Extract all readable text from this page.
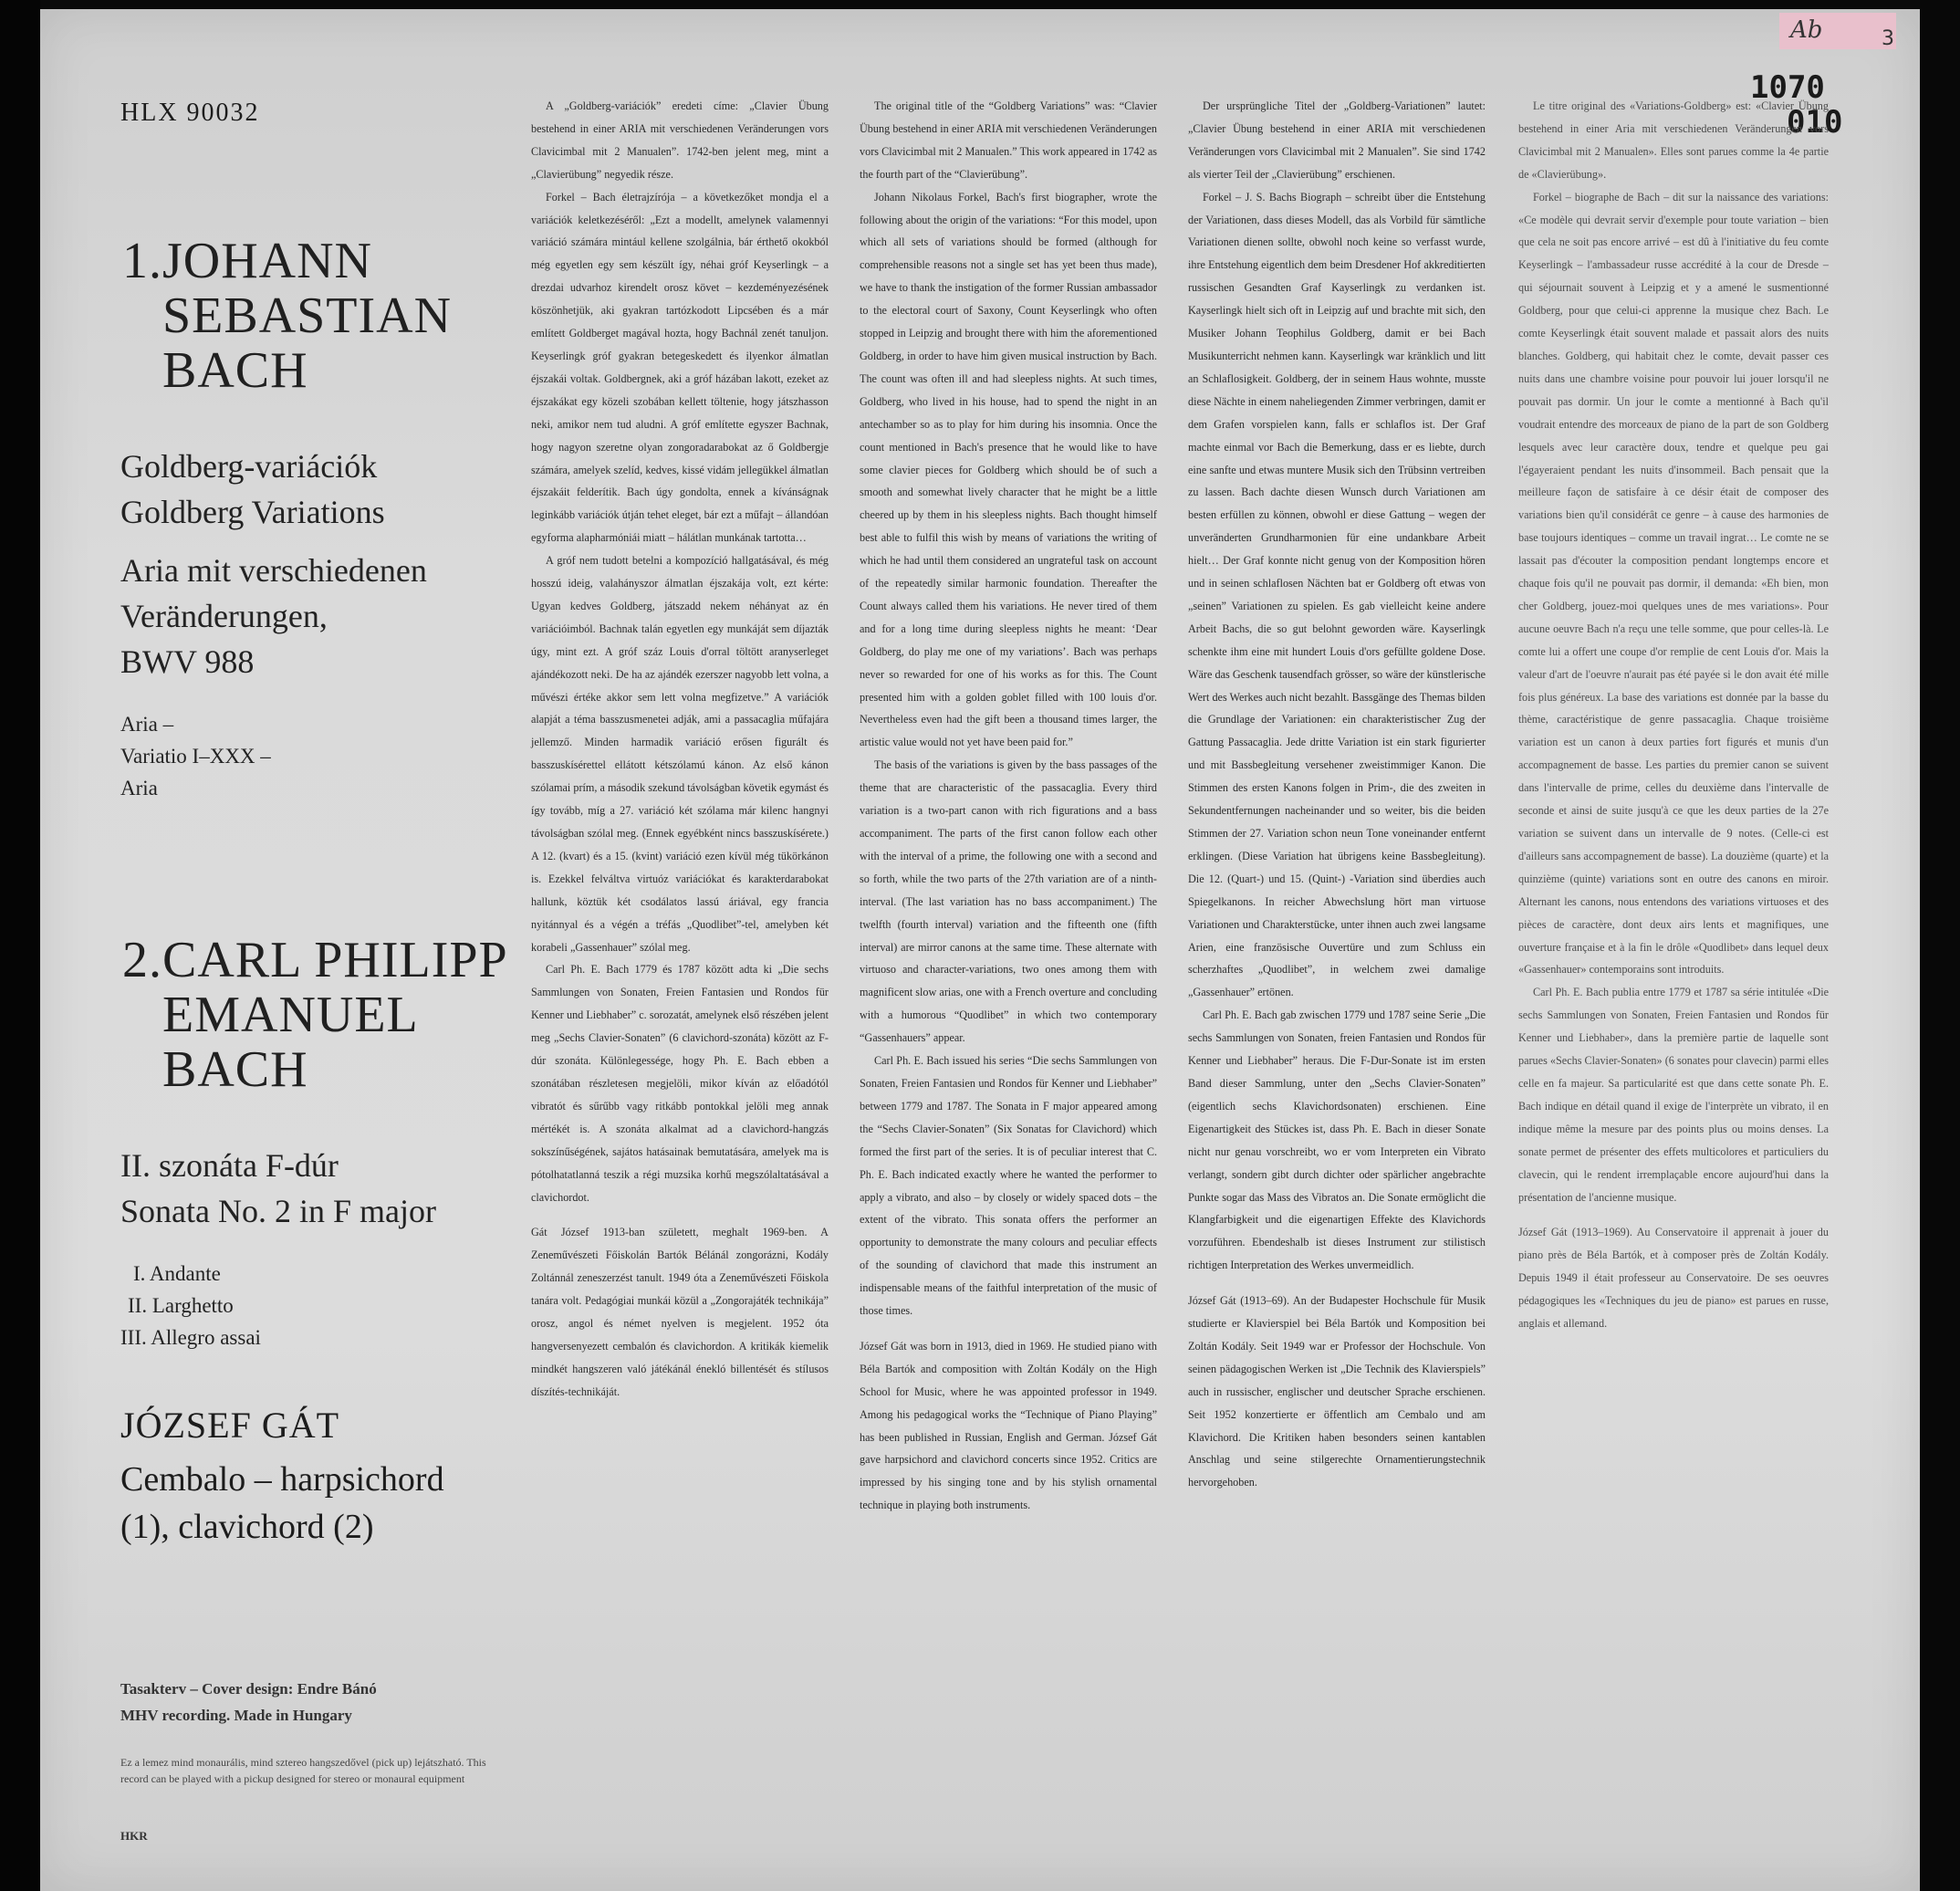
Ab	3
1070
010
HLX 90032
1. JOHANN
SEBASTIAN
BACH
Goldberg-variációk
Goldberg Variations
Aria mit verschiedenen
Veränderungen,
BWV 988
Aria –
Variatio I–XXX –
Aria
2. CARL PHILIPP
EMANUEL
BACH
II. szonáta F-dúr
Sonata No. 2 in F major
I. Andante
II. Larghetto
III. Allegro assai
JÓZSEF GÁT
Cembalo – harpsichord
(1), clavichord (2)
Tasakterv – Cover design: Endre Bánó
MHV recording. Made in Hungary
Ez a lemez mind monaurális, mind sztereo hangszedővel (pick up) lejátszható. This record can be played with a pickup designed for stereo or monaural equipment
HKR

A „Goldberg-variációk” eredeti címe: „Clavier Übung bestehend in einer ARIA mit verschiedenen Veränderungen vors Clavicimbal mit 2 Manualen”. 1742-ben jelent meg, mint a „Clavierübung” negyedik része.

Forkel – Bach életrajzírója – a következőket mondja el a variációk keletkezéséről: „Ezt a modellt, amelynek valamennyi variáció számára mintául kellene szolgálnia, bár érthető okokból még egyetlen egy sem készült így, néhai gróf Keyserlingk – a drezdai udvarhoz kirendelt orosz követ – kezdeményezésének köszönhetjük, aki gyakran tartózkodott Lipcsében és a már említett Goldberget magával hozta, hogy Bachnál zenét tanuljon. Keyserlingk gróf gyakran betegeskedett és ilyenkor álmatlan éjszakái voltak. Goldbergnek, aki a gróf házában lakott, ezeket az éjszakákat egy közeli szobában kellett töltenie, hogy játszhasson neki, amikor nem tud aludni. A gróf említette egyszer Bachnak, hogy nagyon szeretne olyan zongoradarabokat az ő Goldbergje számára, amelyek szelíd, kedves, kissé vidám jellegükkel álmatlan éjszakáit felderítik. Bach úgy gondolta, ennek a kívánságnak leginkább variációk útján tehet eleget, bár ezt a műfajt – állandóan egyforma alapharmóniái miatt – hálátlan munkának tartotta…

A gróf nem tudott betelni a kompozíció hallgatásával, és még hosszú ideig, valahányszor álmatlan éjszakája volt, ezt kérte: Ugyan kedves Goldberg, játszadd nekem néhányat az én variációimból. Bachnak talán egyetlen egy munkáját sem díjazták úgy, mint ezt. A gróf száz Louis d'orral töltött aranyserleget ajándékozott neki. De ha az ajándék ezerszer nagyobb lett volna, a művészi értéke akkor sem lett volna megfizetve.” A variációk alapját a téma basszusmenetei adják, ami a passacaglia műfajára jellemző. Minden harmadik variáció erősen figurált és basszuskísérettel ellátott kétszólamú kánon. Az első kánon szólamai prím, a második szekund távolságban követik egymást és így tovább, míg a 27. variáció két szólama már kilenc hangnyi távolságban szólal meg. (Ennek egyébként nincs basszuskísérete.) A 12. (kvart) és a 15. (kvint) variáció ezen kívül még tükörkánon is. Ezekkel felváltva virtuóz variációkat és karakterdarabokat hallunk, köztük két csodálatos lassú áriával, egy francia nyitánnyal és a végén a tréfás „Quodlibet”-tel, amelyben két korabeli „Gassenhauer” szólal meg.

Carl Ph. E. Bach 1779 és 1787 között adta ki „Die sechs Sammlungen von Sonaten, Freien Fantasien und Rondos für Kenner und Liebhaber” c. sorozatát, amelynek első részében jelent meg „Sechs Clavier-Sonaten” (6 clavichord-szonáta) között az F-dúr szonáta. Különlegessége, hogy Ph. E. Bach ebben a szonátában részletesen megjelöli, mikor kíván az előadótól vibratót és sűrűbb vagy ritkább pontokkal jelöli meg annak mértékét is. A szonáta alkalmat ad a clavichord-hangzás sokszínűségének, sajátos hatásainak bemutatására, amelyek ma is pótolhatatlanná teszik a régi muzsika korhű megszólaltatásával a clavichordot.

Gát József 1913-ban született, meghalt 1969-ben. A Zeneművészeti Főiskolán Bartók Bélánál zongorázni, Kodály Zoltánnál zeneszerzést tanult. 1949 óta a Zeneművészeti Főiskola tanára volt. Pedagógiai munkái közül a „Zongorajáték technikája” orosz, angol és német nyelven is megjelent. 1952 óta hangversenyezett cembalón és clavichordon. A kritikák kiemelik mindkét hangszeren való játékánál énekló billentését és stílusos díszítés-technikáját.

The original title of the “Goldberg Variations” was: “Clavier Übung bestehend in einer ARIA mit verschiedenen Veränderungen vors Clavicimbal mit 2 Manualen.” This work appeared in 1742 as the fourth part of the “Clavierübung”.

Johann Nikolaus Forkel, Bach's first biographer, wrote the following about the origin of the variations: “For this model, upon which all sets of variations should be formed (although for comprehensible reasons not a single set has yet been thus made), we have to thank the instigation of the former Russian ambassador to the electoral court of Saxony, Count Keyserlingk who often stopped in Leipzig and brought there with him the aforementioned Goldberg, in order to have him given musical instruction by Bach. The count was often ill and had sleepless nights. At such times, Goldberg, who lived in his house, had to spend the night in an antechamber so as to play for him during his insomnia. Once the count mentioned in Bach's presence that he would like to have some clavier pieces for Goldberg which should be of such a smooth and somewhat lively character that he might be a little cheered up by them in his sleepless nights. Bach thought himself best able to fulfil this wish by means of variations the writing of which he had until them considered an ungrateful task on account of the repeatedly similar harmonic foundation. Thereafter the Count always called them his variations. He never tired of them and for a long time during sleepless nights he meant: ‘Dear Goldberg, do play me one of my variations’. Bach was perhaps never so rewarded for one of his works as for this. The Count presented him with a golden goblet filled with 100 louis d'or. Nevertheless even had the gift been a thousand times larger, the artistic value would not yet have been paid for.”

The basis of the variations is given by the bass passages of the theme that are characteristic of the passacaglia. Every third variation is a two-part canon with rich figurations and a bass accompaniment. The parts of the first canon follow each other with the interval of a prime, the following one with a second and so forth, while the two parts of the 27th variation are of a ninth-interval. (The last variation has no bass accompaniment.) The twelfth (fourth interval) variation and the fifteenth one (fifth interval) are mirror canons at the same time. These alternate with virtuoso and character-variations, two ones among them with magnificent slow arias, one with a French overture and concluding with a humorous “Quodlibet” in which two contemporary “Gassenhauers” appear.

Carl Ph. E. Bach issued his series “Die sechs Sammlungen von Sonaten, Freien Fantasien und Rondos für Kenner und Liebhaber” between 1779 and 1787. The Sonata in F major appeared among the “Sechs Clavier-Sonaten” (Six Sonatas for Clavichord) which formed the first part of the series. It is of peculiar interest that C. Ph. E. Bach indicated exactly where he wanted the performer to apply a vibrato, and also – by closely or widely spaced dots – the extent of the vibrato. This sonata offers the performer an opportunity to demonstrate the many colours and peculiar effects of the sounding of clavichord that made this instrument an indispensable means of the faithful interpretation of the music of those times.

József Gát was born in 1913, died in 1969. He studied piano with Béla Bartók and composition with Zoltán Kodály on the High School for Music, where he was appointed professor in 1949. Among his pedagogical works the “Technique of Piano Playing” has been published in Russian, English and German. József Gát gave harpsichord and clavichord concerts since 1952. Critics are impressed by his singing tone and by his stylish ornamental technique in playing both instruments.

Der ursprüngliche Titel der „Goldberg-Variationen” lautet: „Clavier Übung bestehend in einer ARIA mit verschiedenen Veränderungen vors Clavicimbal mit 2 Manualen”. Sie sind 1742 als vierter Teil der „Clavierübung” erschienen.

Forkel – J. S. Bachs Biograph – schreibt über die Entstehung der Variationen, dass dieses Modell, das als Vorbild für sämtliche Variationen dienen sollte, obwohl noch keine so verfasst wurde, ihre Entstehung eigentlich dem beim Dresdener Hof akkreditierten russischen Gesandten Graf Kayserlingk zu verdanken ist. Kayserlingk hielt sich oft in Leipzig auf und brachte mit sich, den Musiker Johann Teophilus Goldberg, damit er bei Bach Musikunterricht nehmen kann. Kayserlingk war kränklich und litt an Schlaflosigkeit. Goldberg, der in seinem Haus wohnte, musste diese Nächte in einem naheliegenden Zimmer verbringen, damit er dem Grafen vorspielen kann, falls er schlaflos ist. Der Graf machte einmal vor Bach die Bemerkung, dass er es liebte, durch eine sanfte und etwas muntere Musik sich den Trübsinn vertreiben zu lassen. Bach dachte diesen Wunsch durch Variationen am besten erfüllen zu können, obwohl er diese Gattung – wegen der unveränderten Grundharmonien für eine undankbare Arbeit hielt… Der Graf konnte nicht genug von der Komposition hören und in seinen schlaflosen Nächten bat er Goldberg oft etwas von „seinen” Variationen zu spielen. Es gab vielleicht keine andere Arbeit Bachs, die so gut belohnt geworden wäre. Kayserlingk schenkte ihm eine mit hundert Louis d'ors gefüllte goldene Dose. Wäre das Geschenk tausendfach grösser, so wäre der künstlerische Wert des Werkes auch nicht bezahlt. Bassgänge des Themas bilden die Grundlage der Variationen: ein charakteristischer Zug der Gattung Passacaglia. Jede dritte Variation ist ein stark figurierter und mit Bassbegleitung versehener zweistimmiger Kanon. Die Stimmen des ersten Kanons folgen in Prim-, die des zweiten in Sekundentfernungen nacheinander und so weiter, bis die beiden Stimmen der 27. Variation schon neun Tone voneinander entfernt erklingen. (Diese Variation hat übrigens keine Bassbegleitung). Die 12. (Quart-) und 15. (Quint-) -Variation sind überdies auch Spiegelkanons. In reicher Abwechslung hört man virtuose Variationen und Charakterstücke, unter ihnen auch zwei langsame Arien, eine französische Ouvertüre und zum Schluss ein scherzhaftes „Quodlibet”, in welchem zwei damalige „Gassenhauer” ertönen.

Carl Ph. E. Bach gab zwischen 1779 und 1787 seine Serie „Die sechs Sammlungen von Sonaten, freien Fantasien und Rondos für Kenner und Liebhaber” heraus. Die F-Dur-Sonate ist im ersten Band dieser Sammlung, unter den „Sechs Clavier-Sonaten” (eigentlich sechs Klavichordsonaten) erschienen. Eine Eigenartigkeit des Stückes ist, dass Ph. E. Bach in dieser Sonate nicht nur genau vorschreibt, wo er vom Interpreten ein Vibrato verlangt, sondern gibt durch dichter oder spärlicher angebrachte Punkte sogar das Mass des Vibratos an. Die Sonate ermöglicht die Klangfarbigkeit und die eigenartigen Effekte des Klavichords vorzuführen. Ebendeshalb ist dieses Instrument zur stilistisch richtigen Interpretation des Werkes unvermeidlich.

József Gát (1913–69). An der Budapester Hochschule für Musik studierte er Klavierspiel bei Béla Bartók und Komposition bei Zoltán Kodály. Seit 1949 war er Professor der Hochschule. Von seinen pädagogischen Werken ist „Die Technik des Klavierspiels” auch in russischer, englischer und deutscher Sprache erschienen. Seit 1952 konzertierte er öffentlich am Cembalo und am Klavichord. Die Kritiken haben besonders seinen kantablen Anschlag und seine stilgerechte Ornamentierungstechnik hervorgehoben.

Le titre original des «Variations-Goldberg» est: «Clavier Übung bestehend in einer Aria mit verschiedenen Veränderungen vors Clavicimbal mit 2 Manualen». Elles sont parues comme la 4e partie de «Clavierübung».

Forkel – biographe de Bach – dit sur la naissance des variations: «Ce modèle qui devrait servir d'exemple pour toute variation – bien que cela ne soit pas encore arrivé – est dû à l'initiative du feu comte Keyserlingk – l'ambassadeur russe accrédité à la cour de Dresde – qui séjournait souvent à Leipzig et y a amené le susmentionné Goldberg, pour que celui-ci apprenne la musique chez Bach. Le comte Keyserlingk était souvent malade et passait alors des nuits blanches. Goldberg, qui habitait chez le comte, devait passer ces nuits dans une chambre voisine pour pouvoir lui jouer lorsqu'il ne pouvait pas dormir. Un jour le comte a mentionné à Bach qu'il voudrait entendre des morceaux de piano de la part de son Goldberg lesquels avec leur caractère doux, tendre et quelque peu gai l'égayeraient pendant les nuits d'insommeil. Bach pensait que la meilleure façon de satisfaire à ce désir était de composer des variations bien qu'il considérât ce genre – à cause des harmonies de base toujours identiques – comme un travail ingrat… Le comte ne se lassait pas d'écouter la composition pendant longtemps encore et chaque fois qu'il ne pouvait pas dormir, il demanda: «Eh bien, mon cher Goldberg, jouez-moi quelques unes de mes variations». Pour aucune oeuvre Bach n'a reçu une telle somme, que pour celles-là. Le comte lui a offert une coupe d'or remplie de cent Louis d'or. Mais la valeur d'art de l'oeuvre n'aurait pas été payée si le don avait été mille fois plus généreux. La base des variations est donnée par la basse du thème, caractéristique de genre passacaglia. Chaque troisième variation est un canon à deux parties fort figurés et munis d'un accompagnement de basse. Les parties du premier canon se suivent dans l'intervalle de prime, celles du deuxième dans l'intervalle de seconde et ainsi de suite jusqu'à ce que les deux parties de la 27e variation se suivent dans un intervalle de 9 notes. (Celle-ci est d'ailleurs sans accompagnement de basse). La douzième (quarte) et la quinzième (quinte) variations sont en outre des canons en miroir. Alternant les canons, nous entendons des variations virtuoses et des pièces de caractère, dont deux airs lents et magnifiques, une ouverture française et à la fin le drôle «Quodlibet» dans lequel deux «Gassenhauer» contemporains sont introduits.

Carl Ph. E. Bach publia entre 1779 et 1787 sa série intitulée «Die sechs Sammlungen von Sonaten, Freien Fantasien und Rondos für Kenner und Liebhaber», dans la première partie de laquelle sont parues «Sechs Clavier-Sonaten» (6 sonates pour clavecin) parmi elles celle en fa majeur. Sa particularité est que dans cette sonate Ph. E. Bach indique en détail quand il exige de l'interprète un vibrato, il en indique même la mesure par des points plus ou moins denses. La sonate permet de présenter des effets multicolores et particuliers du clavecin, qui le rendent irremplaçable encore aujourd'hui dans la présentation de l'ancienne musique.

József Gát (1913–1969). Au Conservatoire il apprenait à jouer du piano près de Béla Bartók, et à composer près de Zoltán Kodály. Depuis 1949 il était professeur au Conservatoire. De ses oeuvres pédagogiques les «Techniques du jeu de piano» est parues en russe, anglais et allemand.
